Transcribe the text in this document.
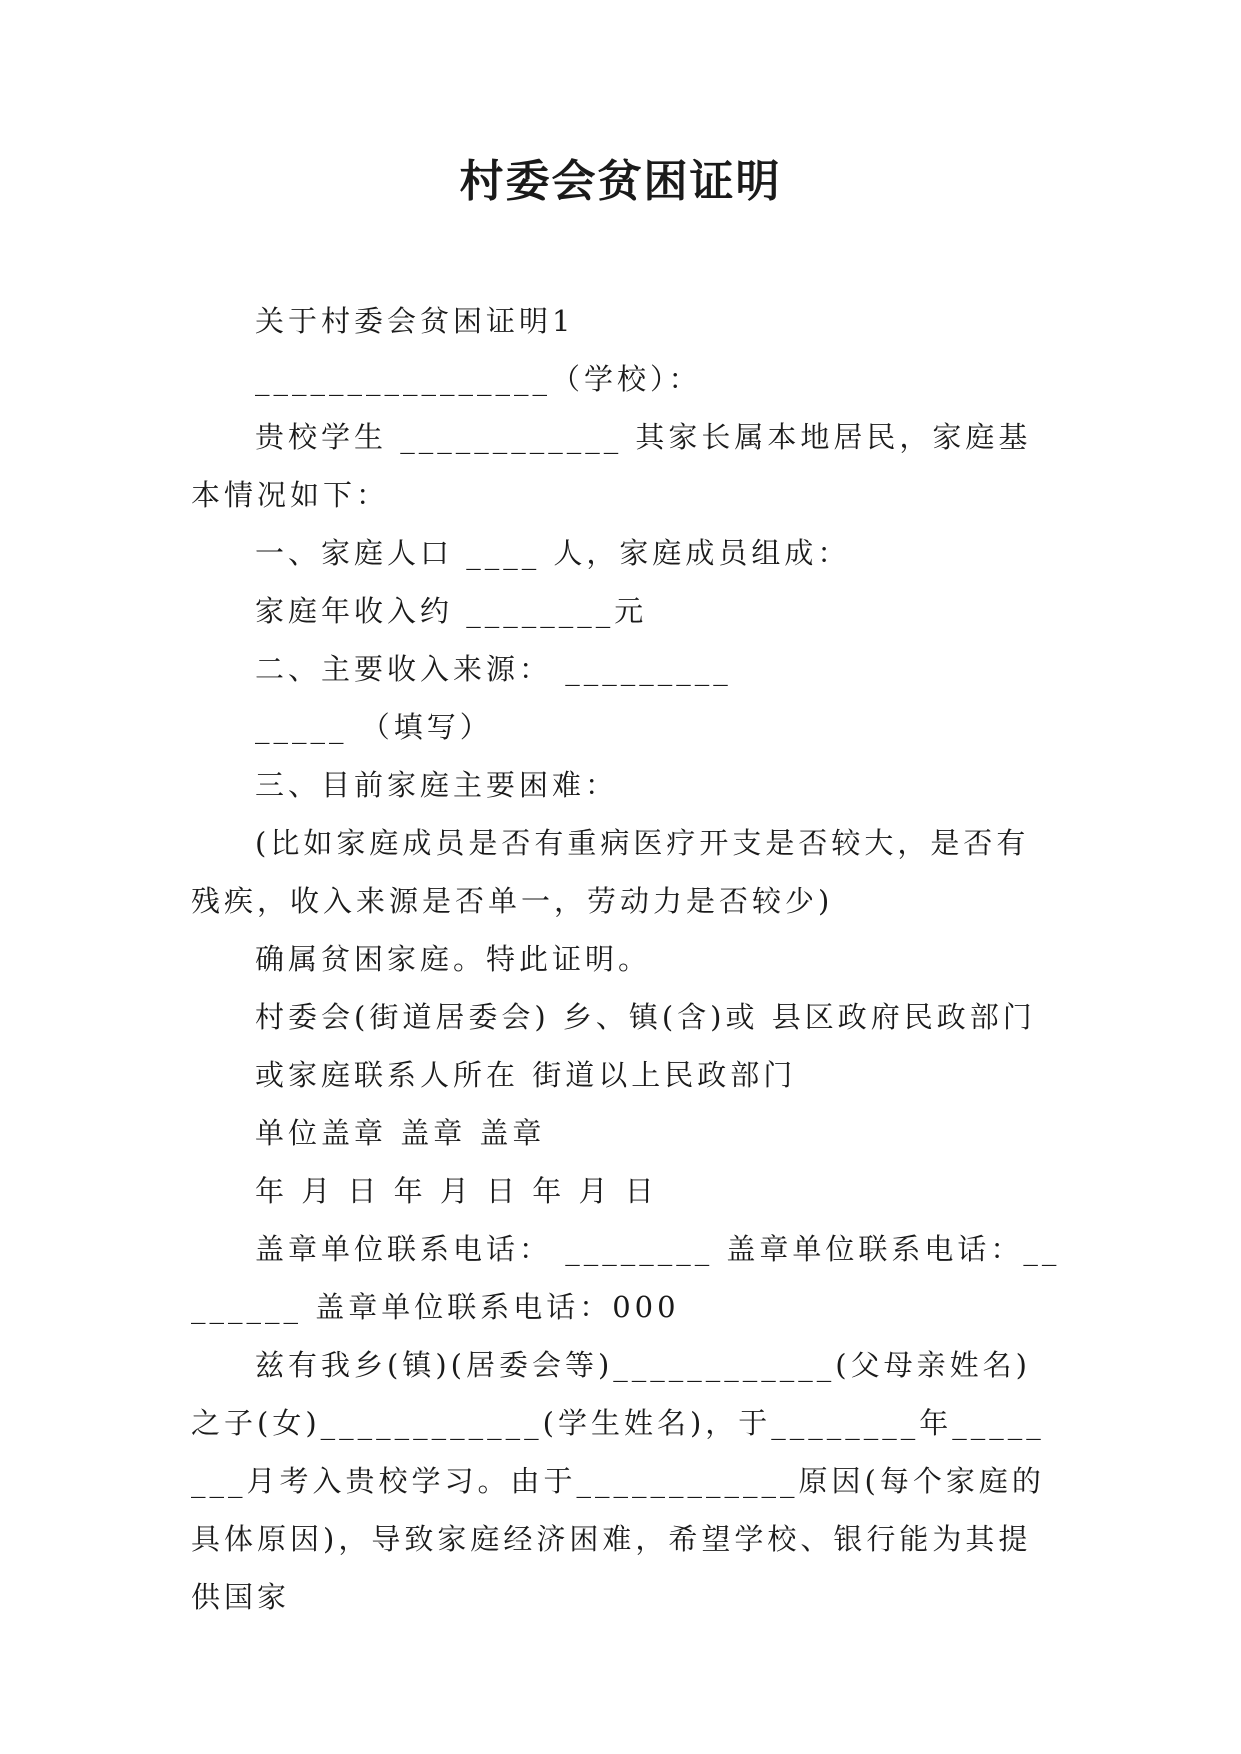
村委会贫困证明

关于村委会贫困证明1

________________（学校）：

贵校学生 ____________ 其家长属本地居民，家庭基本情况如下：

一、家庭人口 ____ 人，家庭成员组成：

家庭年收入约 ________元

二、主要收入来源： _________

_____ （填写）

三、目前家庭主要困难：

(比如家庭成员是否有重病医疗开支是否较大，是否有残疾，收入来源是否单一，劳动力是否较少)

确属贫困家庭。特此证明。

村委会(街道居委会) 乡、镇(含)或 县区政府民政部门

或家庭联系人所在 街道以上民政部门

单位盖章 盖章 盖章

年 月 日 年 月 日 年 月 日

盖章单位联系电话： ________ 盖章单位联系电话：________ 盖章单位联系电话：000

兹有我乡(镇)(居委会等)____________(父母亲姓名)之子(女)____________(学生姓名)，于________年________月考入贵校学习。由于____________原因(每个家庭的具体原因)，导致家庭经济困难，希望学校、银行能为其提供国家
